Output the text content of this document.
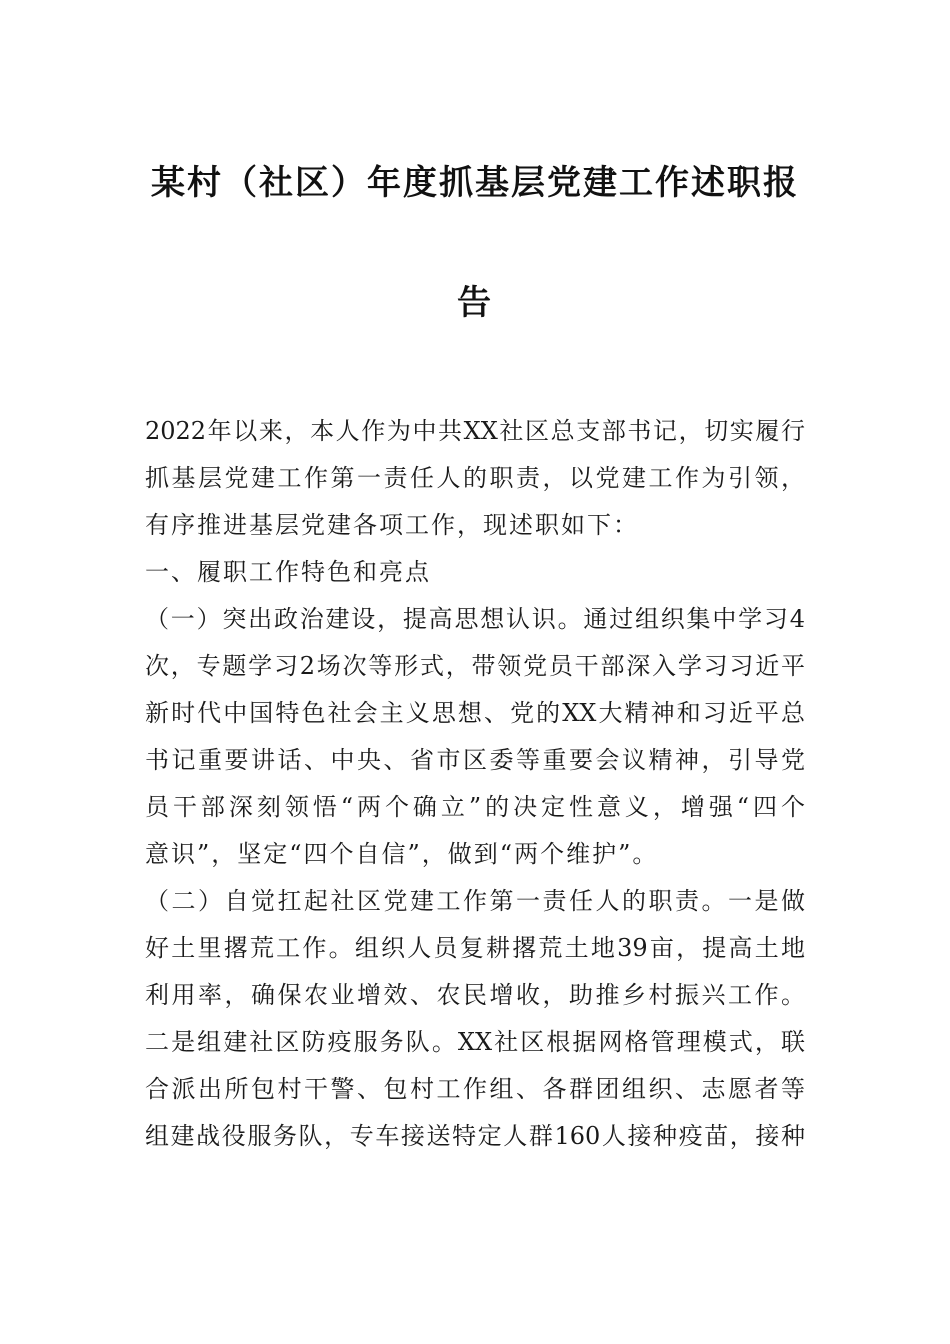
某村（社区）年度抓基层党建工作述职报
告
2022年以来，本人作为中共XX社区总支部书记，切实履行
抓基层党建工作第一责任人的职责，以党建工作为引领，
有序推进基层党建各项工作，现述职如下：
一、履职工作特色和亮点
（一）突出政治建设，提高思想认识。通过组织集中学习4
次，专题学习2场次等形式，带领党员干部深入学习习近平
新时代中国特色社会主义思想、党的XX大精神和习近平总
书记重要讲话、中央、省市区委等重要会议精神，引导党
员干部深刻领悟“两个确立”的决定性意义，增强“四个
意识”，坚定“四个自信”，做到“两个维护”。
（二）自觉扛起社区党建工作第一责任人的职责。一是做
好土里撂荒工作。组织人员复耕撂荒土地39亩，提高土地
利用率，确保农业增效、农民增收，助推乡村振兴工作。
二是组建社区防疫服务队。XX社区根据网格管理模式，联
合派出所包村干警、包村工作组、各群团组织、志愿者等
组建战役服务队，专车接送特定人群160人接种疫苗，接种
